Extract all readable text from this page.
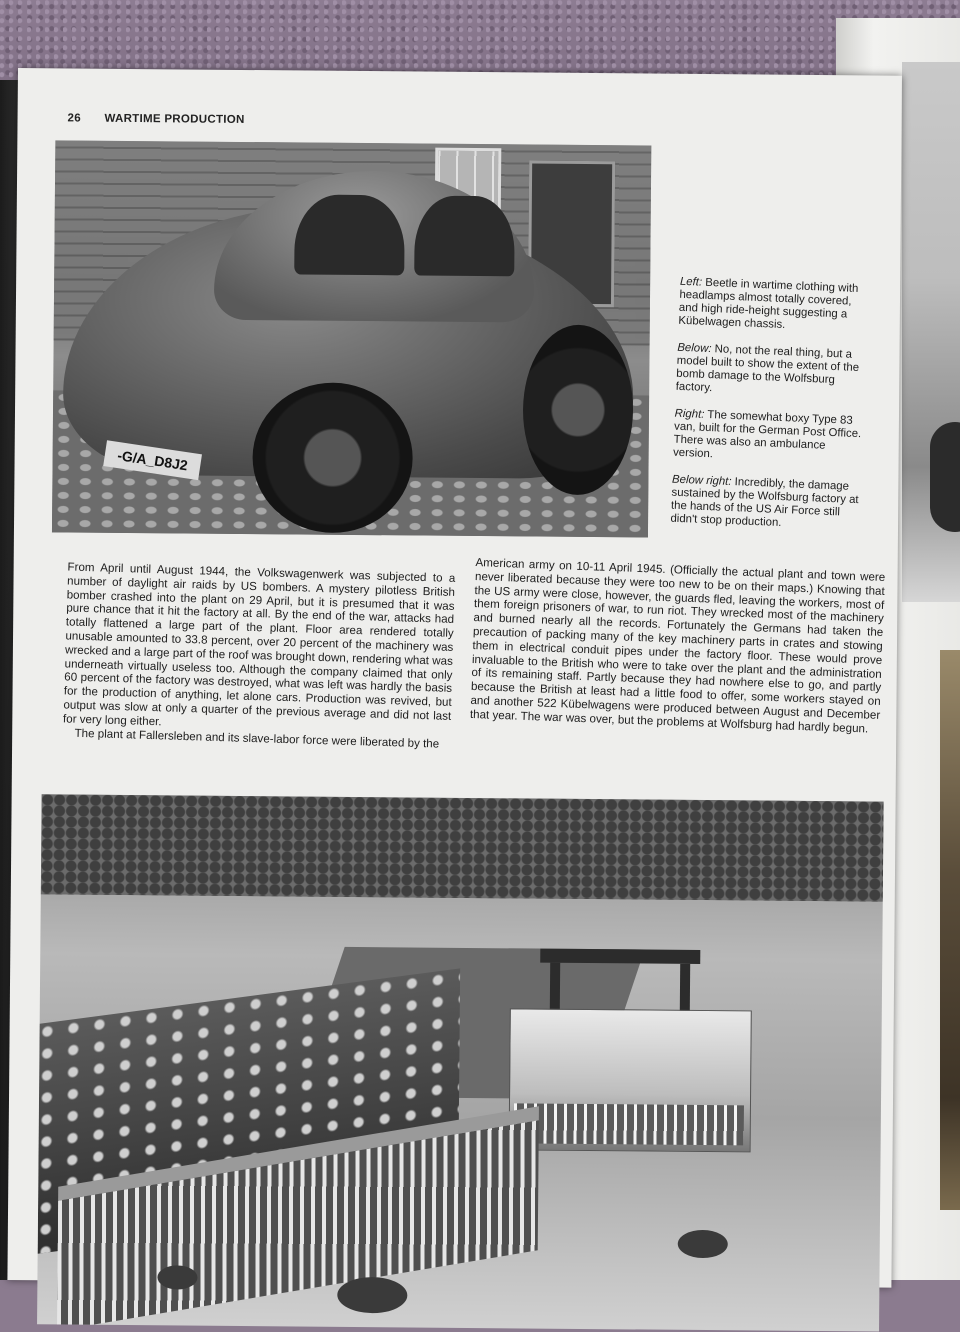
26 WARTIME PRODUCTION
-G/A_D8J2

Left: Beetle in wartime clothing with headlamps almost totally covered, and high ride-height suggesting a Kübelwagen chassis.

Below: No, not the real thing, but a model built to show the extent of the bomb damage to the Wolfsburg factory.

Right: The somewhat boxy Type 83 van, built for the German Post Office. There was also an ambulance version.

Below right: Incredibly, the damage sustained by the Wolfsburg factory at the hands of the US Air Force still didn't stop production.

From April until August 1944, the Volkswagenwerk was subjected to a number of daylight air raids by US bombers. A mystery pilotless British bomber crashed into the plant on 29 April, but it is presumed that it was pure chance that it hit the factory at all. By the end of the war, attacks had totally flattened a large part of the plant. Floor area rendered totally unusable amounted to 33.8 percent, over 20 percent of the machinery was wrecked and a large part of the roof was brought down, rendering what was underneath virtually useless too. Although the company claimed that only 60 percent of the factory was destroyed, what was left was hardly the basis for the production of anything, let alone cars. Production was revived, but output was slow at only a quarter of the previous average and did not last for very long either.

The plant at Fallersleben and its slave-labor force were liberated by the

American army on 10-11 April 1945. (Officially the actual plant and town were never liberated because they were too new to be on their maps.) Knowing that the US army were close, however, the guards fled, leaving the workers, most of them foreign prisoners of war, to run riot. They wrecked most of the machinery and burned nearly all the records. Fortunately the Germans had taken the precaution of packing many of the key machinery parts in crates and stowing them in electrical conduit pipes under the factory floor. These would prove invaluable to the British who were to take over the plant and the administration of its remaining staff. Partly because they had nowhere else to go, and partly because the British at least had a little food to offer, some workers stayed on and another 522 Kübelwagens were produced between August and December that year. The war was over, but the problems at Wolfsburg had hardly begun.
